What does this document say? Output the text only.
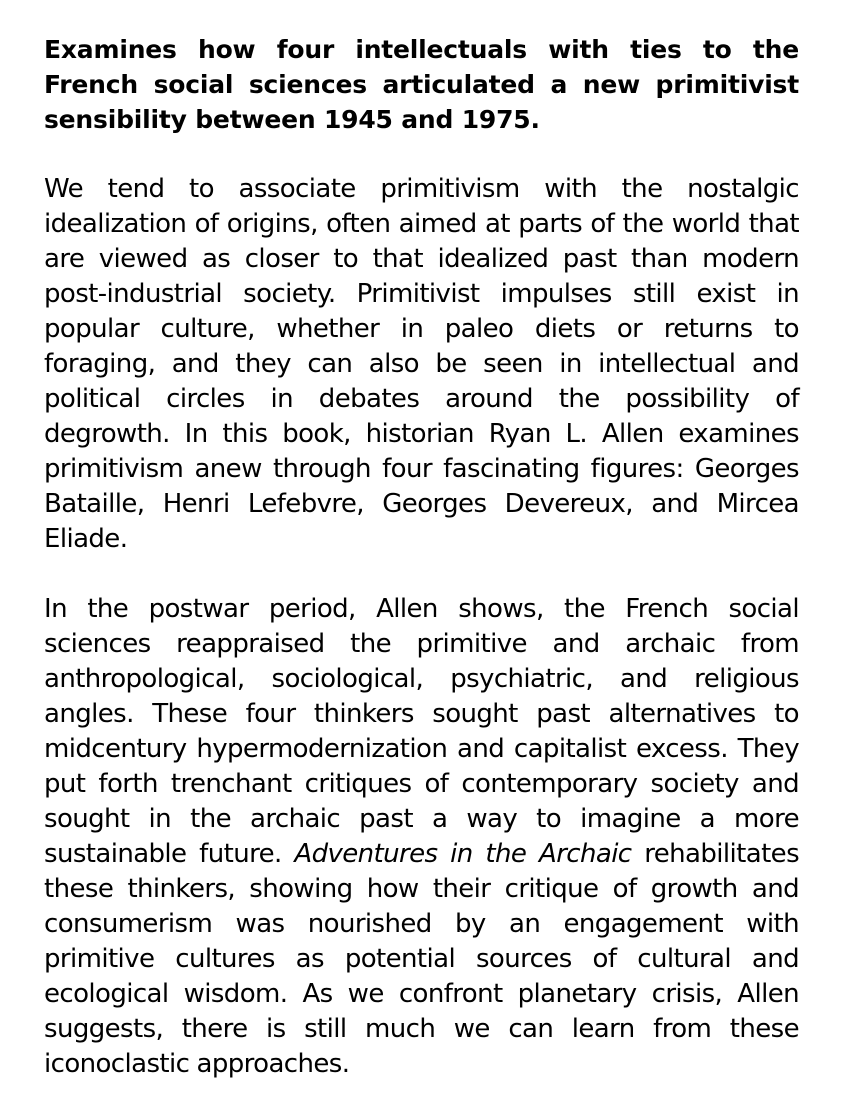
Examines how four intellectuals with ties to the French social sciences articulated a new primitivist sensibility between 1945 and 1975.

We tend to associate primitivism with the nostalgic idealization of origins, often aimed at parts of the world that are viewed as closer to that idealized past than modern post-industrial society. Primitivist impulses still exist in popular culture, whether in paleo diets or returns to foraging, and they can also be seen in intellectual and political circles in debates around the possibility of degrowth. In this book, historian Ryan L. Allen examines primitivism anew through four fascinating figures: Georges Bataille, Henri Lefebvre, Georges Devereux, and Mircea Eliade.

In the postwar period, Allen shows, the French social sciences reappraised the primitive and archaic from anthropological, sociological, psychiatric, and religious angles. These four thinkers sought past alternatives to midcentury hypermodernization and capitalist excess. They put forth trenchant critiques of contemporary society and sought in the archaic past a way to imagine a more sustainable future. Adventures in the Archaic rehabilitates these thinkers, showing how their critique of growth and consumerism was nourished by an engagement with primitive cultures as potential sources of cultural and ecological wisdom. As we confront planetary crisis, Allen suggests, there is still much we can learn from these iconoclastic approaches.
